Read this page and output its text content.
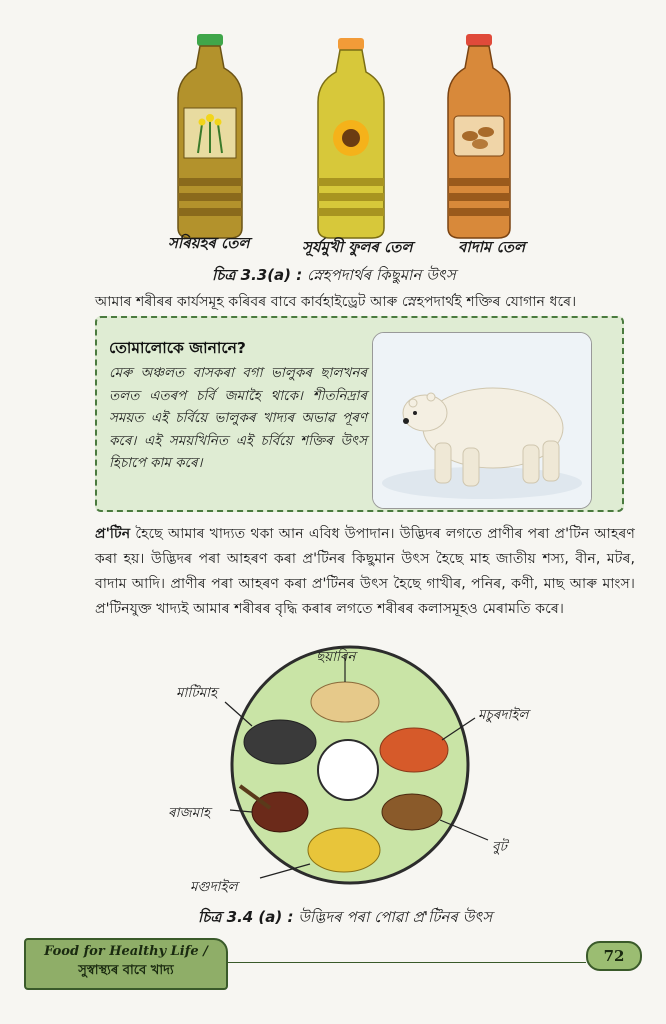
সৰিয়হৰ তেল	সূৰ্যমুখী ফুলৰ তেল	বাদাম তেল
চিত্ৰ 3.3(a) : স্নেহপদাৰ্থৰ কিছুমান উৎস
আমাৰ শৰীৰৰ কাৰ্যসমূহ কৰিবৰ বাবে কাৰ্বহাইড্ৰেট আৰু স্নেহপদাৰ্থই শক্তিৰ যোগান ধৰে।
তোমালোকে জানানে?
মেৰু অঞ্চলত বাসকৰা বগা ভালুকৰ ছালখনৰ তলত এতৰপ চৰ্বি জমাহৈ থাকে। শীতনিদ্ৰাৰ সময়ত এই চৰ্বিয়ে ভালুকৰ খাদ্যৰ অভাৱ পূৰণ কৰে। এই সময়খিনিত এই চৰ্বিয়ে শক্তিৰ উৎস হিচাপে কাম কৰে।
প্ৰ'টিন হৈছে আমাৰ খাদ্যত থকা আন এবিধ উপাদান। উদ্ভিদৰ লগতে প্ৰাণীৰ পৰা প্ৰ'টিন আহৰণ কৰা হয়। উদ্ভিদৰ পৰা আহৰণ কৰা প্ৰ'টিনৰ কিছুমান উৎস হৈছে মাহ জাতীয় শস্য, বীন, মটৰ, বাদাম আদি। প্ৰাণীৰ পৰা আহৰণ কৰা প্ৰ'টিনৰ উৎস হৈছে গাখীৰ, পনিৰ, কণী, মাছ আৰু মাংস। প্ৰ'টিনযুক্ত খাদ্যই আমাৰ শৰীৰৰ বৃদ্ধি কৰাৰ লগতে শৰীৰৰ কলাসমূহও মেৰামতি কৰে।
ছয়াবিন
মাটিমাহ
মচুৰদাইল
ৰাজমাহ
বুট
মগুদাইল
চিত্ৰ 3.4 (a) : উদ্ভিদৰ পৰা পোৱা প্ৰ'টিনৰ উৎস
Food for Healthy Life /
সুস্বাস্থ্যৰ বাবে খাদ্য
72
